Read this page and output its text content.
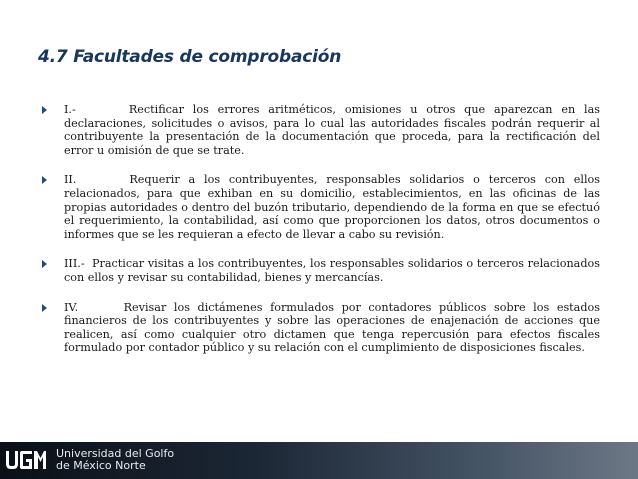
4.7 Facultades de comprobación
I.-      Rectificar los errores aritméticos, omisiones u otros que aparezcan en las declaraciones, solicitudes o avisos, para lo cual las autoridades fiscales podrán requerir al contribuyente la presentación de la documentación que proceda, para la rectificación del error u omisión de que se trate.
II.      Requerir a los contribuyentes, responsables solidarios o terceros con ellos relacionados, para que exhiban en su domicilio, establecimientos, en las oficinas de las propias autoridades o dentro del buzón tributario, dependiendo de la forma en que se efectuó el requerimiento, la contabilidad, así como que proporcionen los datos, otros documentos o informes que se les requieran a efecto de llevar a cabo su revisión.
III.-  Practicar visitas a los contribuyentes, los responsables solidarios o terceros relacionados con ellos y revisar su contabilidad, bienes y mercancías.
IV.      Revisar los dictámenes formulados por contadores públicos sobre los estados financieros de los contribuyentes y sobre las operaciones de enajenación de acciones que realicen, así como cualquier otro dictamen que tenga repercusión para efectos fiscales formulado por contador público y su relación con el cumplimiento de disposiciones fiscales.
Universidad del Golfo
de México Norte
